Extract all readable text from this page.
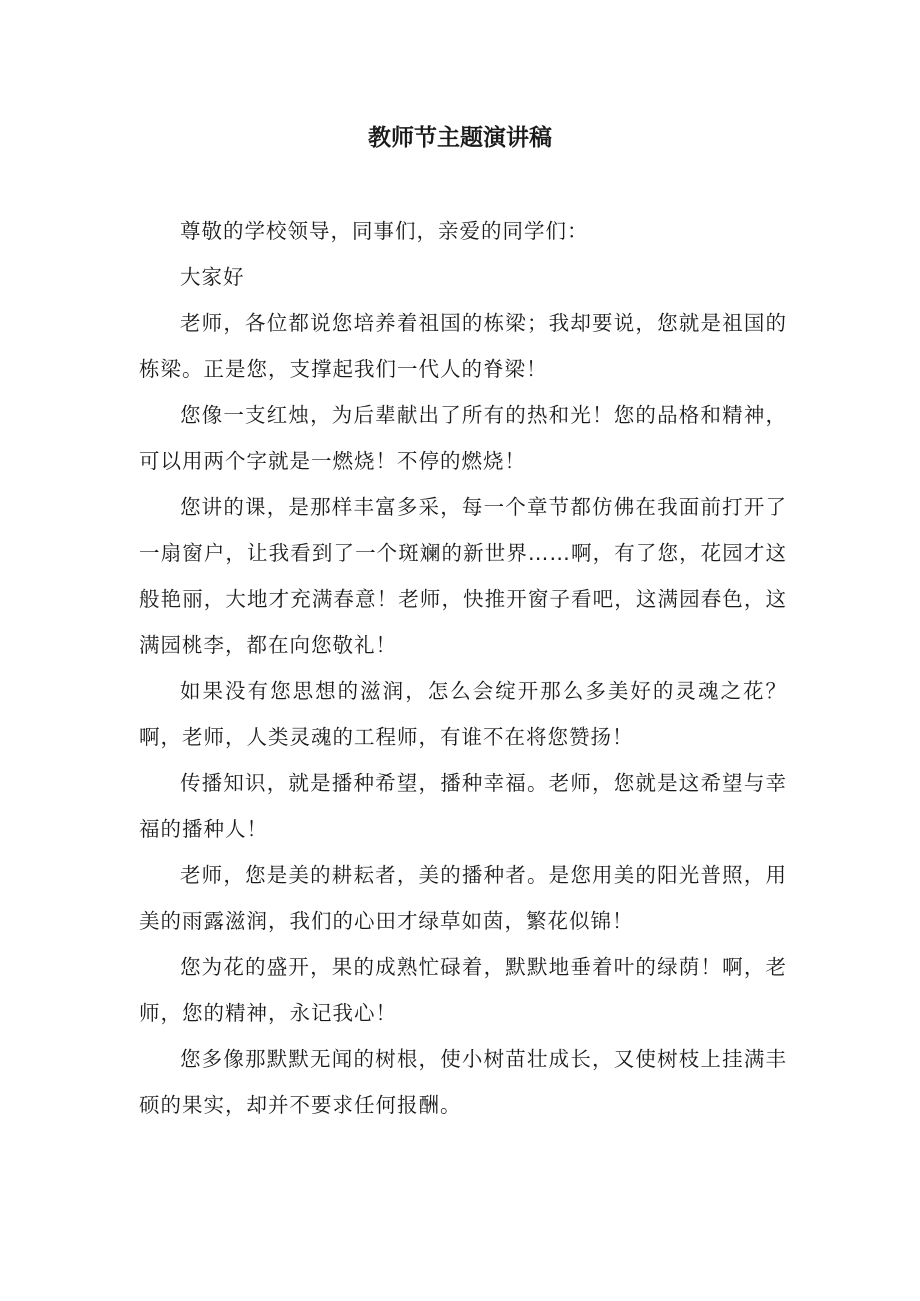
教师节主题演讲稿

尊敬的学校领导，同事们，亲爱的同学们：

大家好

老师，各位都说您培养着祖国的栋梁；我却要说，您就是祖国的栋梁。正是您，支撑起我们一代人的脊梁！

您像一支红烛，为后辈献出了所有的热和光！您的品格和精神，可以用两个字就是一燃烧！不停的燃烧！

您讲的课，是那样丰富多采，每一个章节都仿佛在我面前打开了一扇窗户，让我看到了一个斑斓的新世界……啊，有了您，花园才这般艳丽，大地才充满春意！老师，快推开窗子看吧，这满园春色，这满园桃李，都在向您敬礼！

如果没有您思想的滋润，怎么会绽开那么多美好的灵魂之花？啊，老师，人类灵魂的工程师，有谁不在将您赞扬！

传播知识，就是播种希望，播种幸福。老师，您就是这希望与幸福的播种人！

老师，您是美的耕耘者，美的播种者。是您用美的阳光普照，用美的雨露滋润，我们的心田才绿草如茵，繁花似锦！

您为花的盛开，果的成熟忙碌着，默默地垂着叶的绿荫！啊，老师，您的精神，永记我心！

您多像那默默无闻的树根，使小树苗壮成长，又使树枝上挂满丰硕的果实，却并不要求任何报酬。
